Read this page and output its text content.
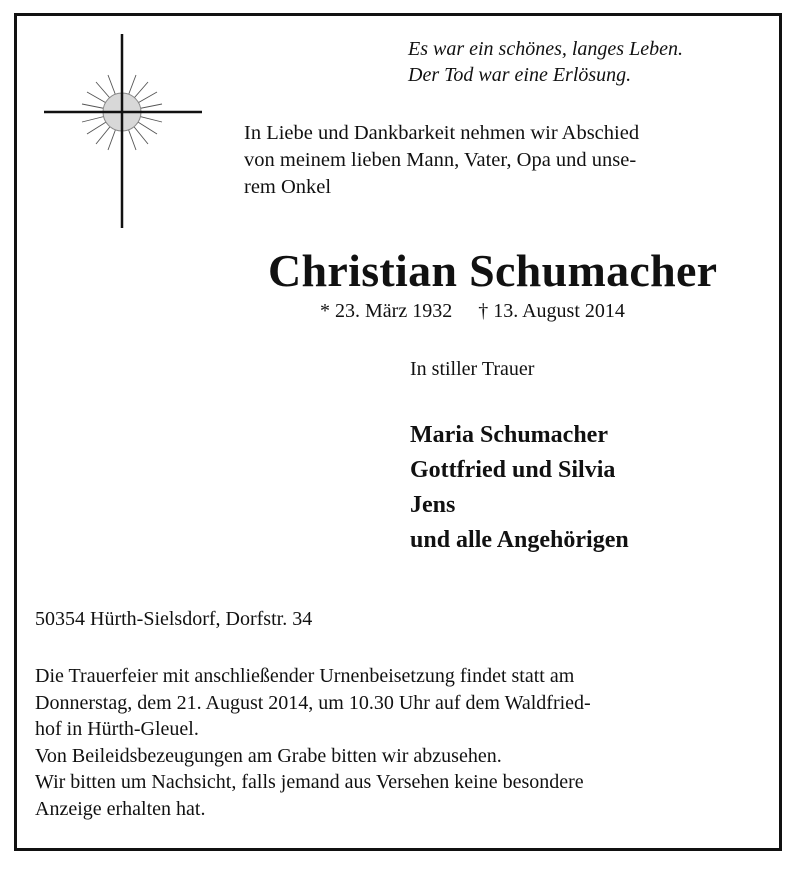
Es war ein schönes, langes Leben.
Der Tod war eine Erlösung.
In Liebe und Dankbarkeit nehmen wir Abschied
von meinem lieben Mann, Vater, Opa und unse-
rem Onkel
Christian Schumacher
* 23. März 1932 † 13. August 2014
In stiller Trauer
Maria Schumacher
Gottfried und Silvia
Jens
und alle Angehörigen
50354 Hürth-Sielsdorf, Dorfstr. 34
Die Trauerfeier mit anschließender Urnenbeisetzung findet statt am
Donnerstag, dem 21. August 2014, um 10.30 Uhr auf dem Waldfried-
hof in Hürth-Gleuel.
Von Beileidsbezeugungen am Grabe bitten wir abzusehen.
Wir bitten um Nachsicht, falls jemand aus Versehen keine besondere
Anzeige erhalten hat.
